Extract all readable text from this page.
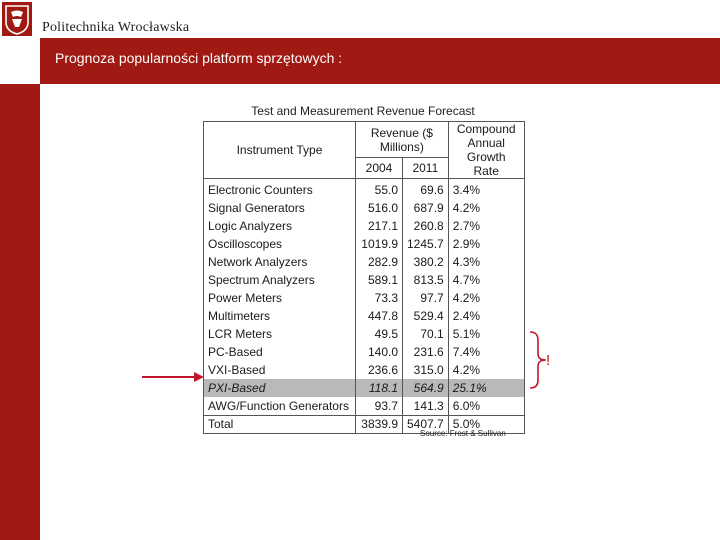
Politechnika Wrocławska
Prognoza popularności platform sprzętowych :
Test and Measurement Revenue Forecast
Instrument Type	Revenue ($ Millions)		Compound Annual Growth Rate
	2004	2011	
Electronic Counters	55.0	69.6	3.4%
Signal Generators	516.0	687.9	4.2%
Logic Analyzers	217.1	260.8	2.7%
Oscilloscopes	1019.9	1245.7	2.9%
Network Analyzers	282.9	380.2	4.3%
Spectrum Analyzers	589.1	813.5	4.7%
Power Meters	73.3	97.7	4.2%
Multimeters	447.8	529.4	2.4%
LCR Meters	49.5	70.1	5.1%
PC-Based	140.0	231.6	7.4%
VXI-Based	236.6	315.0	4.2%
PXI-Based	118.1	564.9	25.1%
AWG/Function Generators	93.7	141.3	6.0%
Total	3839.9	5407.7	5.0%
Source: Frost & Sullivan
!
